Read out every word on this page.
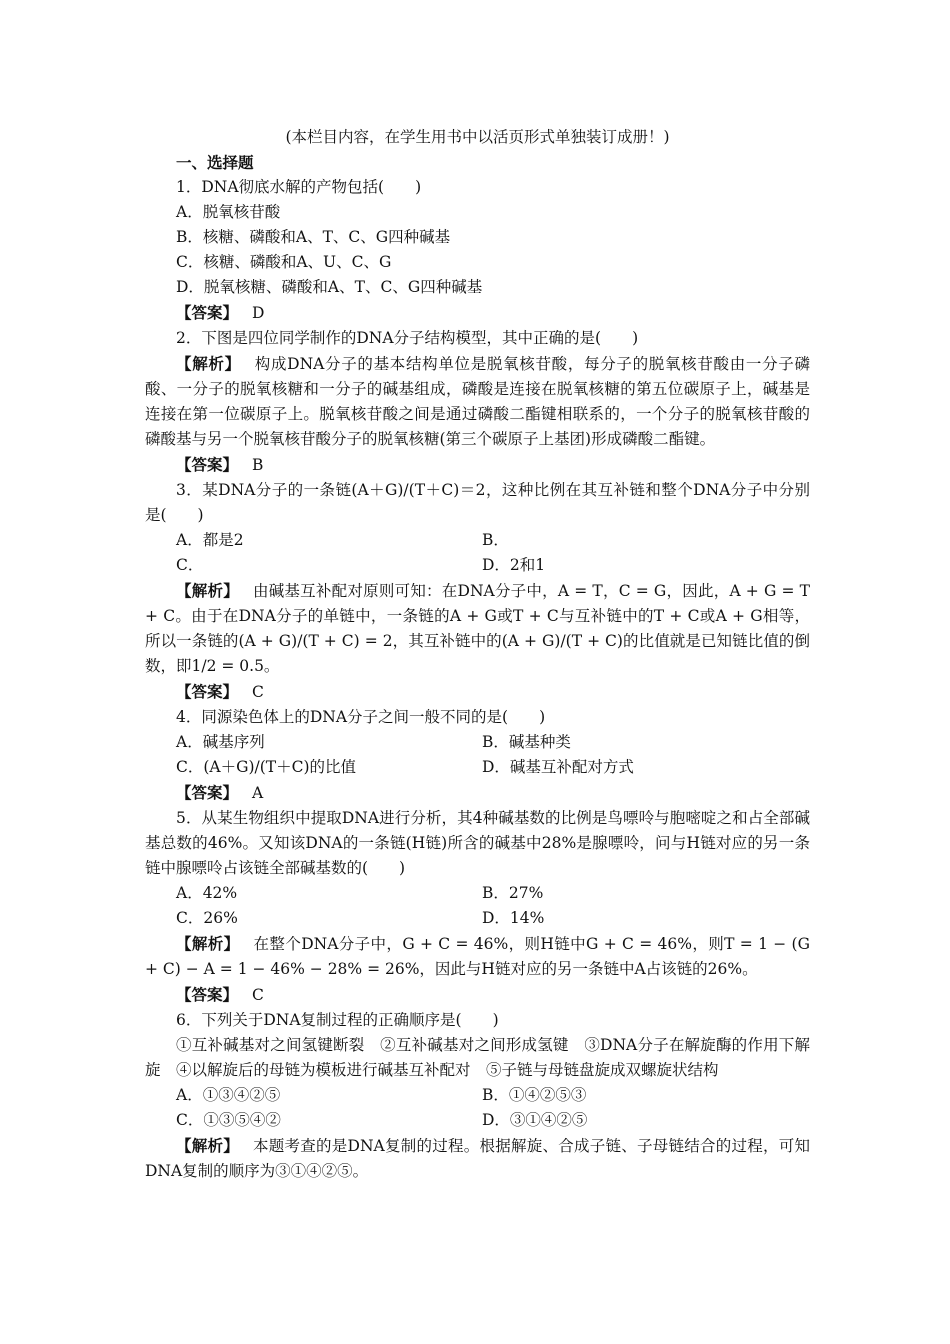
(本栏目内容，在学生用书中以活页形式单独装订成册！)
一、选择题
1．DNA彻底水解的产物包括(　　)
A．脱氧核苷酸
B．核糖、磷酸和A、T、C、G四种碱基
C．核糖、磷酸和A、U、C、G
D．脱氧核糖、磷酸和A、T、C、G四种碱基
【答案】 D
2．下图是四位同学制作的DNA分子结构模型，其中正确的是(　　)
【解析】 构成DNA分子的基本结构单位是脱氧核苷酸，每分子的脱氧核苷酸由一分子磷酸、一分子的脱氧核糖和一分子的碱基组成，磷酸是连接在脱氧核糖的第五位碳原子上，碱基是连接在第一位碳原子上。脱氧核苷酸之间是通过磷酸二酯键相联系的，一个分子的脱氧核苷酸的磷酸基与另一个脱氧核苷酸分子的脱氧核糖(第三个碳原子上基团)形成磷酸二酯键。
【答案】 B
3．某DNA分子的一条链(A＋G)/(T＋C)＝2，这种比例在其互补链和整个DNA分子中分别是(　　)
A．都是2	B．
C．	D．2和1
【解析】 由碱基互补配对原则可知：在DNA分子中，A = T，C = G，因此，A + G = T + C。由于在DNA分子的单链中，一条链的A + G或T + C与互补链中的T + C或A + G相等，所以一条链的(A + G)/(T + C) = 2，其互补链中的(A + G)/(T + C)的比值就是已知链比值的倒数，即1/2 = 0.5。
【答案】 C
4．同源染色体上的DNA分子之间一般不同的是(　　)
A．碱基序列	B．碱基种类
C．(A＋G)/(T＋C)的比值	D．碱基互补配对方式
【答案】 A
5．从某生物组织中提取DNA进行分析，其4种碱基数的比例是鸟嘌呤与胞嘧啶之和占全部碱基总数的46%。又知该DNA的一条链(H链)所含的碱基中28%是腺嘌呤，问与H链对应的另一条链中腺嘌呤占该链全部碱基数的(　　)
A．42%	B．27%
C．26%	D．14%
【解析】 在整个DNA分子中，G + C = 46%，则H链中G + C = 46%，则T = 1 − (G + C) − A = 1 − 46% − 28% = 26%，因此与H链对应的另一条链中A占该链的26%。
【答案】 C
6．下列关于DNA复制过程的正确顺序是(　　)
①互补碱基对之间氢键断裂　②互补碱基对之间形成氢键　③DNA分子在解旋酶的作用下解旋　④以解旋后的母链为模板进行碱基互补配对　⑤子链与母链盘旋成双螺旋状结构
A．①③④②⑤	B．①④②⑤③
C．①③⑤④②	D．③①④②⑤
【解析】 本题考查的是DNA复制的过程。根据解旋、合成子链、子母链结合的过程，可知DNA复制的顺序为③①④②⑤。
